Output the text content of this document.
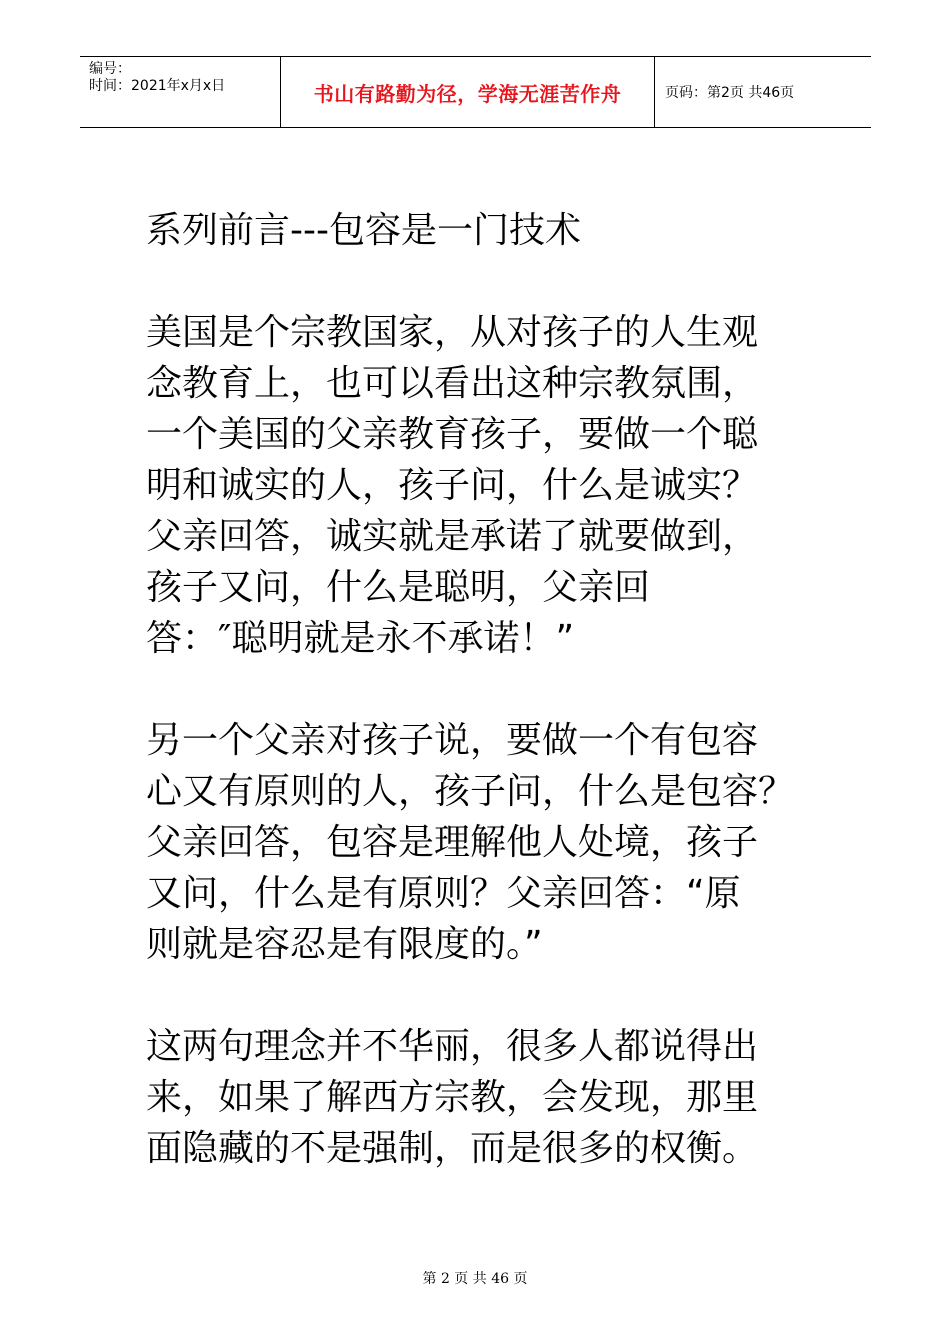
编号：
时间：2021年x月x日	书山有路勤为径，学海无涯苦作舟	页码：第2页 共46页
系列前言---包容是一门技术

美国是个宗教国家，从对孩子的人生观
念教育上，也可以看出这种宗教氛围，
一个美国的父亲教育孩子，要做一个聪
明和诚实的人，孩子问，什么是诚实？
父亲回答，诚实就是承诺了就要做到，
孩子又问，什么是聪明，父亲回
答：″聪明就是永不承诺！”

另一个父亲对孩子说，要做一个有包容
心又有原则的人，孩子问，什么是包容？
父亲回答，包容是理解他人处境，孩子
又问，什么是有原则？父亲回答：“原
则就是容忍是有限度的。”

这两句理念并不华丽，很多人都说得出
来，如果了解西方宗教，会发现，那里
面隐藏的不是强制，而是很多的权衡。

第 2 页 共 46 页
